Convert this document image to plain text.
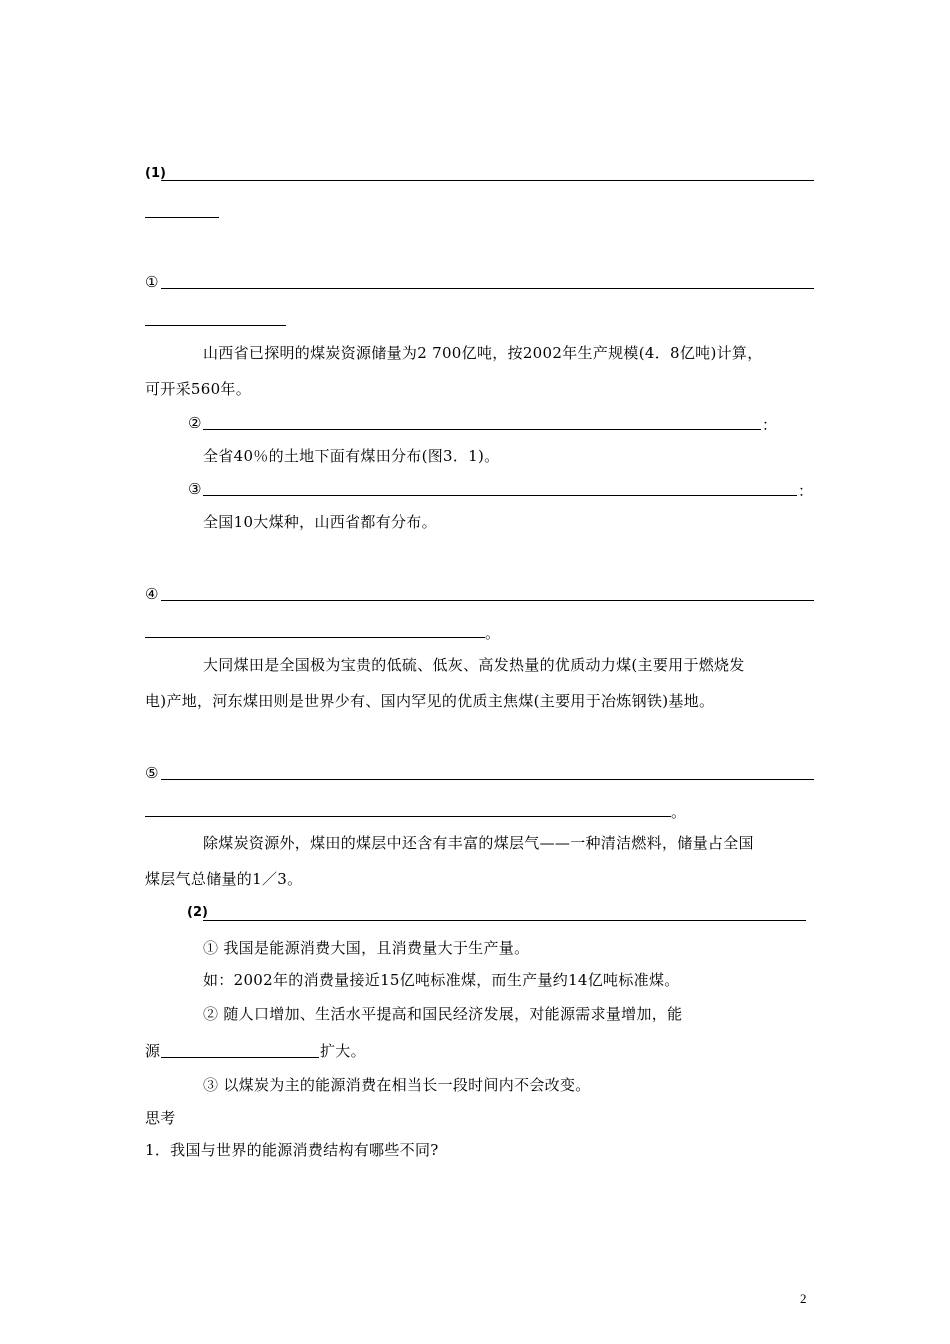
(1)
①
山西省已探明的煤炭资源储量为2 700亿吨，按2002年生产规模(4．8亿吨)计算，
可开采560年。
②	：
全省40％的土地下面有煤田分布(图3．1)。
③	：
全国10大煤种，山西省都有分布。
④
。
大同煤田是全国极为宝贵的低硫、低灰、高发热量的优质动力煤(主要用于燃烧发
电)产地，河东煤田则是世界少有、国内罕见的优质主焦煤(主要用于冶炼钢铁)基地。
⑤
。
除煤炭资源外，煤田的煤层中还含有丰富的煤层气——一种清洁燃料，储量占全国
煤层气总储量的1／3。
(2)
① 我国是能源消费大国，且消费量大于生产量。
如：2002年的消费量接近15亿吨标准煤，而生产量约14亿吨标准煤。
② 随人口增加、生活水平提高和国民经济发展，对能源需求量增加，能
源	扩大。
③ 以煤炭为主的能源消费在相当长一段时间内不会改变。
思考
1．我国与世界的能源消费结构有哪些不同?
2
